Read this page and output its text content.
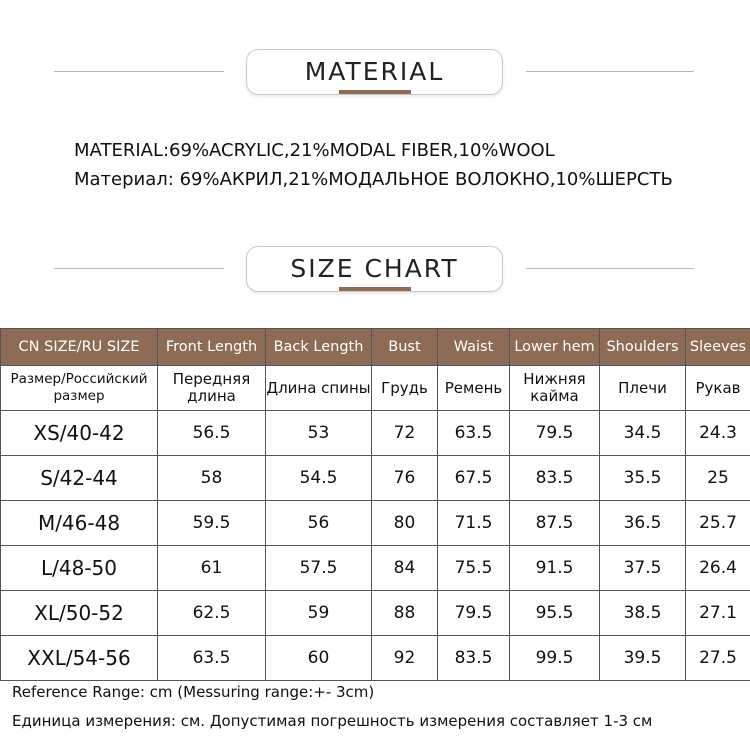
MATERIAL
MATERIAL:69%ACRYLIC,21%MODAL FIBER,10%WOOL
Материал: 69%АКРИЛ,21%МОДАЛЬНОЕ ВОЛОКНО,10%ШЕРСТЬ
SIZE CHART
CN SIZE/RU SIZE	Front Length	Back Length	Bust	Waist	Lower hem	Shoulders	Sleeves
Размер/Российский размер	Передняя длина	Длина спины	Грудь	Ремень	Нижняя кайма	Плечи	Рукав
XS/40-42	56.5	53	72	63.5	79.5	34.5	24.3
S/42-44	58	54.5	76	67.5	83.5	35.5	25
M/46-48	59.5	56	80	71.5	87.5	36.5	25.7
L/48-50	61	57.5	84	75.5	91.5	37.5	26.4
XL/50-52	62.5	59	88	79.5	95.5	38.5	27.1
XXL/54-56	63.5	60	92	83.5	99.5	39.5	27.5
Reference Range: cm (Messuring range:+- 3cm)
Единица измерения: см. Допустимая погрешность измерения составляет 1-3 см
